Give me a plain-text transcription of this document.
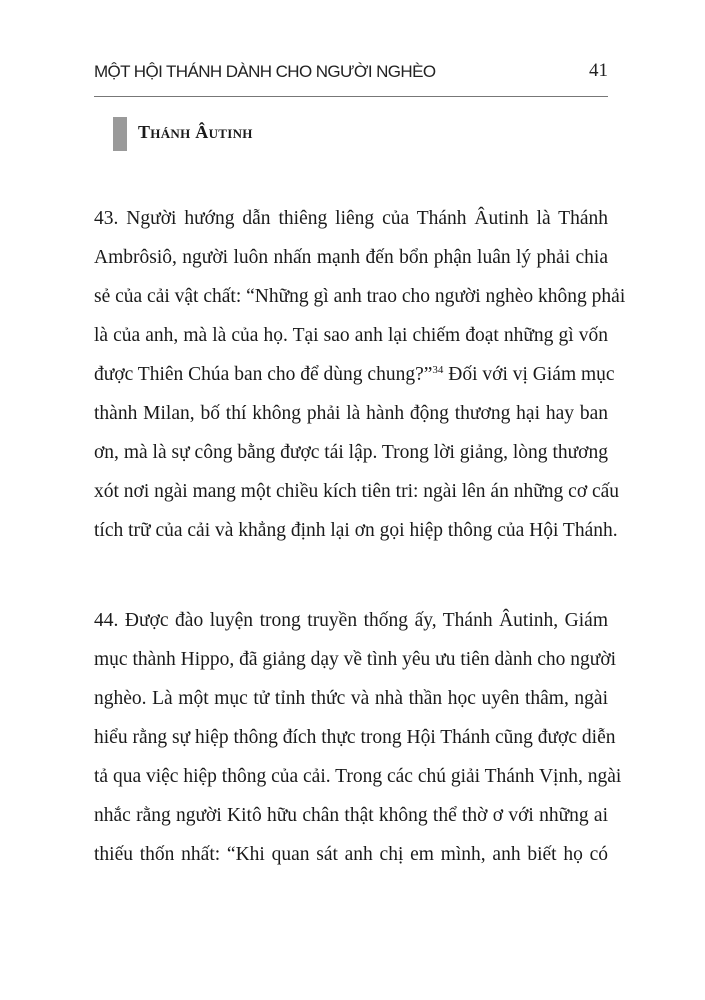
MỘT HỘI THÁNH DÀNH CHO NGƯỜI NGHÈO	41
Thánh Âutinh
43. Người hướng dẫn thiêng liêng của Thánh Âutinh là Thánh
Ambrôsiô, người luôn nhấn mạnh đến bổn phận luân lý phải chia
sẻ của cải vật chất: “Những gì anh trao cho người nghèo không phải
là của anh, mà là của họ. Tại sao anh lại chiếm đoạt những gì vốn
được Thiên Chúa ban cho để dùng chung?”$^{34}$ Đối với vị Giám mục
thành Milan, bố thí không phải là hành động thương hại hay ban
ơn, mà là sự công bằng được tái lập. Trong lời giảng, lòng thương
xót nơi ngài mang một chiều kích tiên tri: ngài lên án những cơ cấu
tích trữ của cải và khẳng định lại ơn gọi hiệp thông của Hội Thánh.
44. Được đào luyện trong truyền thống ấy, Thánh Âutinh, Giám
mục thành Hippo, đã giảng dạy về tình yêu ưu tiên dành cho người
nghèo. Là một mục tử tỉnh thức và nhà thần học uyên thâm, ngài
hiểu rằng sự hiệp thông đích thực trong Hội Thánh cũng được diễn
tả qua việc hiệp thông của cải. Trong các chú giải Thánh Vịnh, ngài
nhắc rằng người Kitô hữu chân thật không thể thờ ơ với những ai
thiếu thốn nhất: “Khi quan sát anh chị em mình, anh biết họ có
